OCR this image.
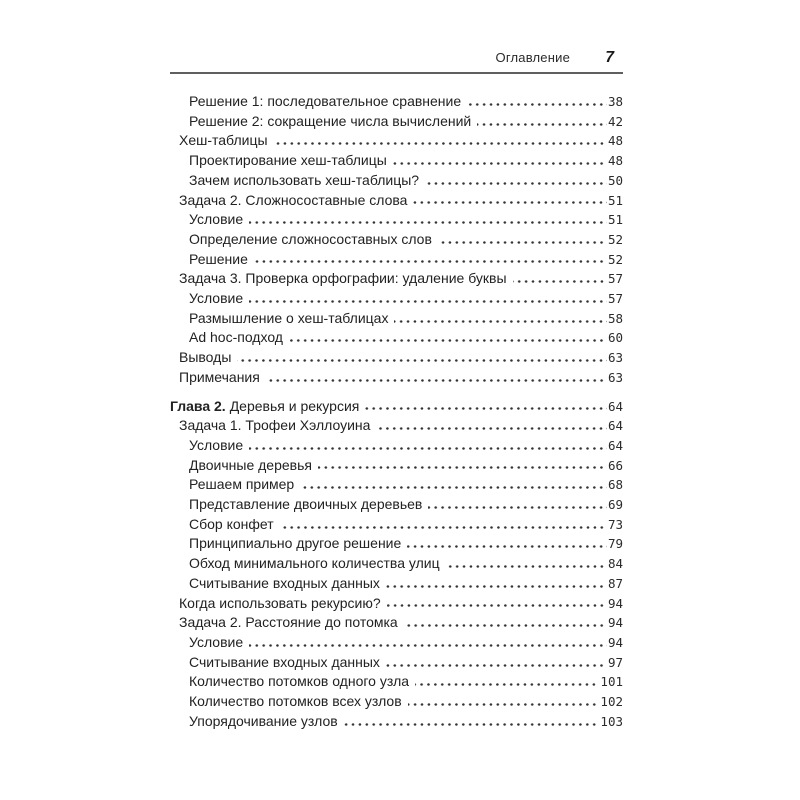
Оглавление	7
Решение 1: последовательное сравнение	38
Решение 2: сокращение числа вычислений	42
Хеш-таблицы	48
Проектирование хеш-таблицы	48
Зачем использовать хеш-таблицы?	50
Задача 2. Сложносоставные слова	51
Условие	51
Определение сложносоставных слов	52
Решение	52
Задача 3. Проверка орфографии: удаление буквы	57
Условие	57
Размышление о хеш-таблицах	58
Ad hoc-подход	60
Выводы	63
Примечания	63
Глава 2. Деревья и рекурсия	64
Задача 1. Трофеи Хэллоуина	64
Условие	64
Двоичные деревья	66
Решаем пример	68
Представление двоичных деревьев	69
Сбор конфет	73
Принципиально другое решение	79
Обход минимального количества улиц	84
Считывание входных данных	87
Когда использовать рекурсию?	94
Задача 2. Расстояние до потомка	94
Условие	94
Считывание входных данных	97
Количество потомков одного узла	101
Количество потомков всех узлов	102
Упорядочивание узлов	103
